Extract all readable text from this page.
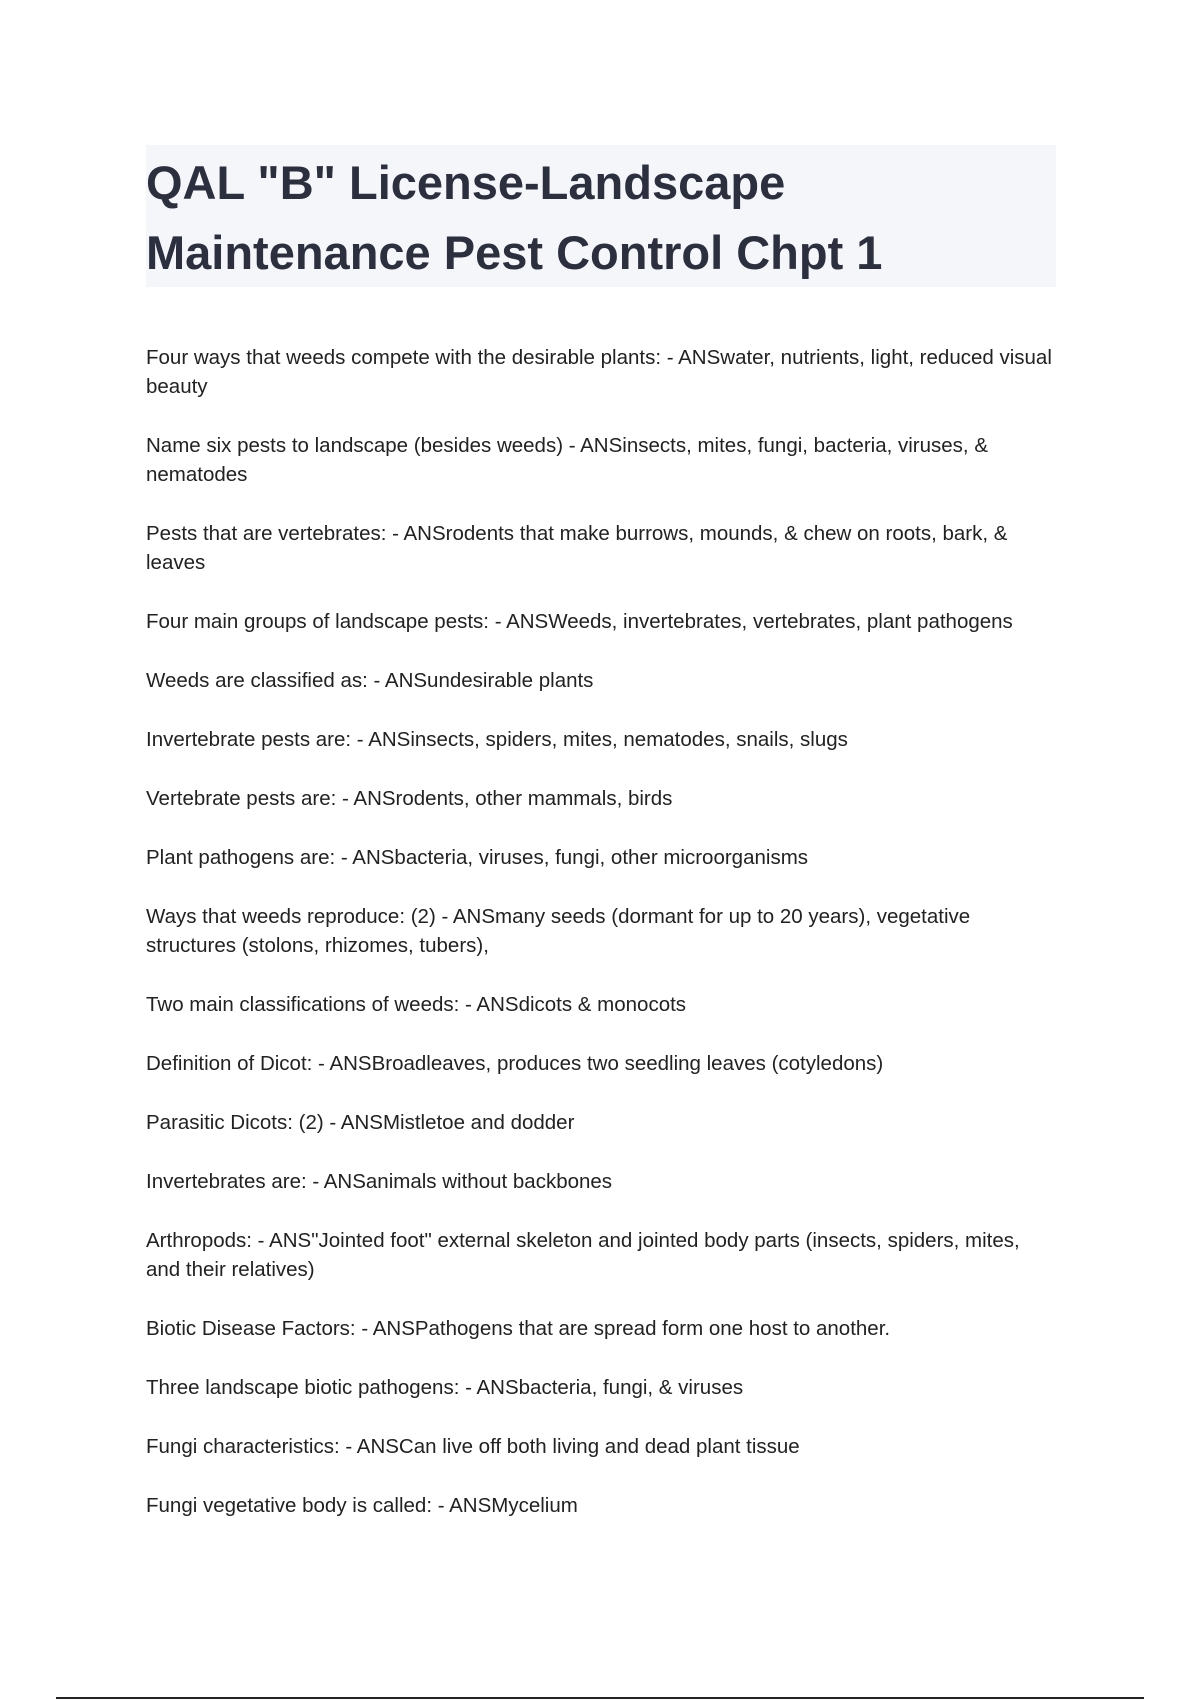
QAL "B" License-Landscape
Maintenance Pest Control Chpt 1
Four ways that weeds compete with the desirable plants: - ANSwater, nutrients, light, reduced visual beauty
Name six pests to landscape (besides weeds) - ANSinsects, mites, fungi, bacteria, viruses, & nematodes
Pests that are vertebrates: - ANSrodents that make burrows, mounds, & chew on roots, bark, & leaves
Four main groups of landscape pests: - ANSWeeds, invertebrates, vertebrates, plant pathogens
Weeds are classified as: - ANSundesirable plants
Invertebrate pests are: - ANSinsects, spiders, mites, nematodes, snails, slugs
Vertebrate pests are: - ANSrodents, other mammals, birds
Plant pathogens are: - ANSbacteria, viruses, fungi, other microorganisms
Ways that weeds reproduce: (2) - ANSmany seeds (dormant for up to 20 years), vegetative structures (stolons, rhizomes, tubers),
Two main classifications of weeds: - ANSdicots & monocots
Definition of Dicot: - ANSBroadleaves, produces two seedling leaves (cotyledons)
Parasitic Dicots: (2) - ANSMistletoe and dodder
Invertebrates are: - ANSanimals without backbones
Arthropods: - ANS"Jointed foot" external skeleton and jointed body parts (insects, spiders, mites, and their relatives)
Biotic Disease Factors: - ANSPathogens that are spread form one host to another.
Three landscape biotic pathogens: - ANSbacteria, fungi, & viruses
Fungi characteristics: - ANSCan live off both living and dead plant tissue
Fungi vegetative body is called: - ANSMycelium
